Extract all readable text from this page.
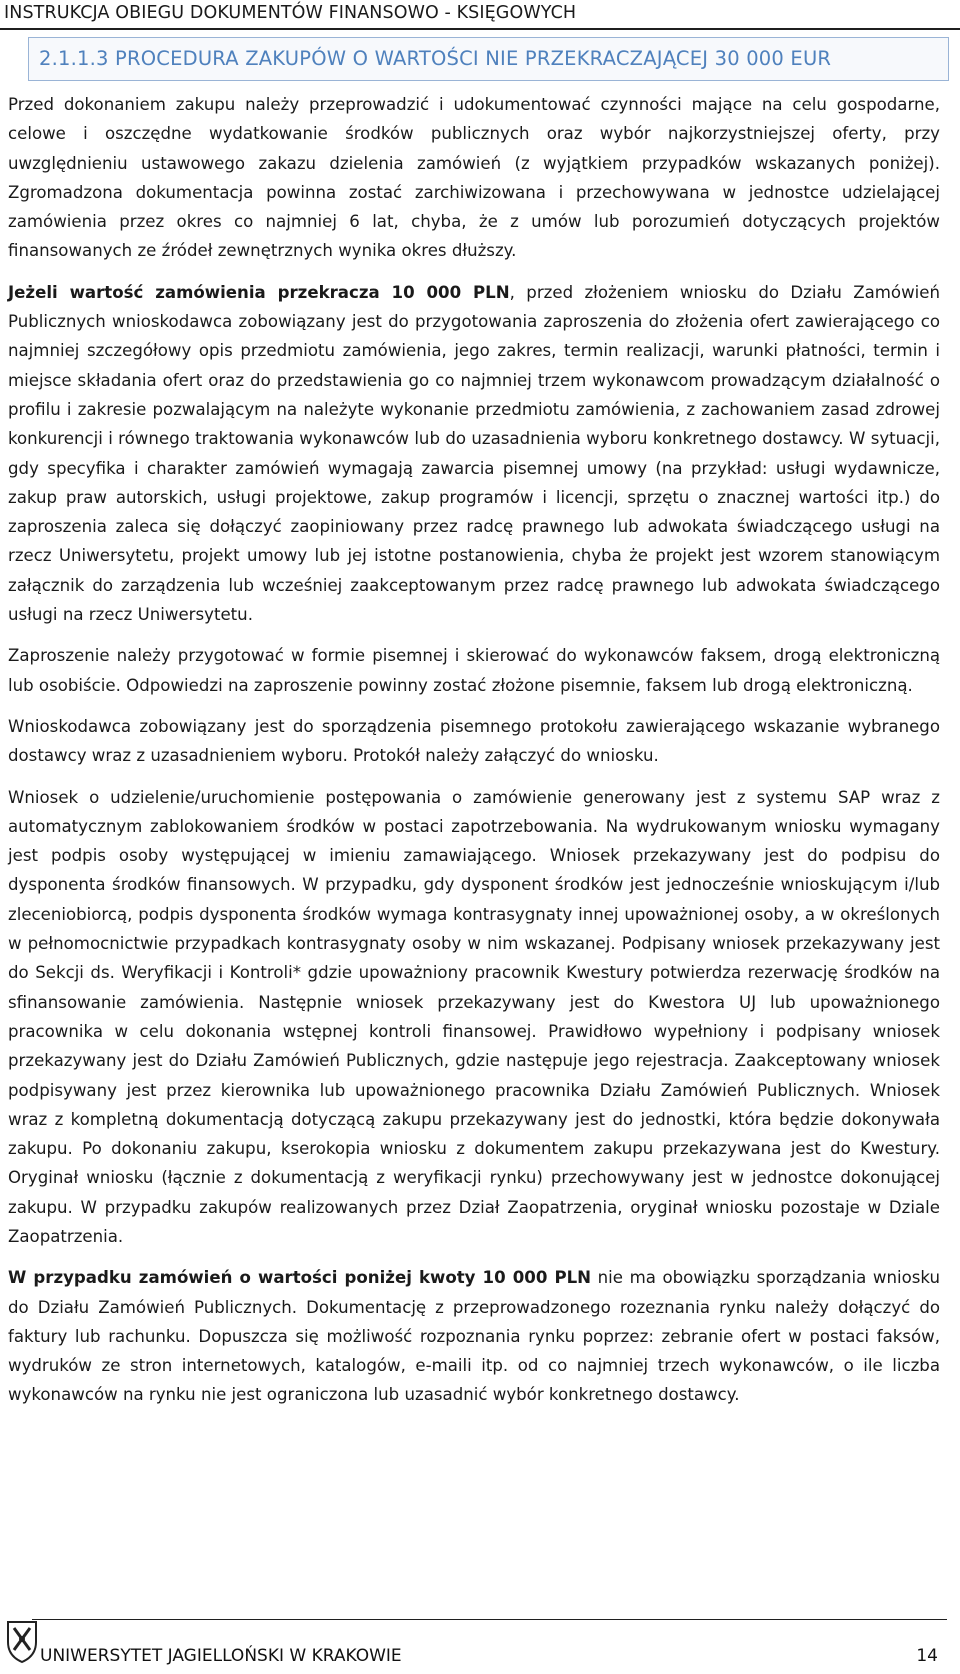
INSTRUKCJA OBIEGU DOKUMENTÓW FINANSOWO - KSIĘGOWYCH
2.1.1.3 PROCEDURA ZAKUPÓW O WARTOŚCI NIE PRZEKRACZAJĄCEJ 30 000 EUR

Przed dokonaniem zakupu należy przeprowadzić i udokumentować czynności mające na celu gospodarne, celowe i oszczędne wydatkowanie środków publicznych oraz wybór najkorzystniejszej oferty, przy uwzględnieniu ustawowego zakazu dzielenia zamówień (z wyjątkiem przypadków wskazanych poniżej). Zgromadzona dokumentacja powinna zostać zarchiwizowana i przechowywana w jednostce udzielającej zamówienia przez okres co najmniej 6 lat, chyba, że z umów lub porozumień dotyczących projektów finansowanych ze źródeł zewnętrznych wynika okres dłuższy.

Jeżeli wartość zamówienia przekracza 10 000 PLN, przed złożeniem wniosku do Działu Zamówień Publicznych wnioskodawca zobowiązany jest do przygotowania zaproszenia do złożenia ofert zawierającego co najmniej szczegółowy opis przedmiotu zamówienia, jego zakres, termin realizacji, warunki płatności, termin i miejsce składania ofert oraz do przedstawienia go co najmniej trzem wykonawcom prowadzącym działalność o profilu i zakresie pozwalającym na należyte wykonanie przedmiotu zamówienia, z zachowaniem zasad zdrowej konkurencji i równego traktowania wykonawców lub do uzasadnienia wyboru konkretnego dostawcy. W sytuacji, gdy specyfika i charakter zamówień wymagają zawarcia pisemnej umowy (na przykład: usługi wydawnicze, zakup praw autorskich, usługi projektowe, zakup programów i licencji, sprzętu o znacznej wartości itp.) do zaproszenia zaleca się dołączyć zaopiniowany przez radcę prawnego lub adwokata świadczącego usługi na rzecz Uniwersytetu, projekt umowy lub jej istotne postanowienia, chyba że projekt jest wzorem stanowiącym załącznik do zarządzenia lub wcześniej zaakceptowanym przez radcę prawnego lub adwokata świadczącego usługi na rzecz Uniwersytetu.

Zaproszenie należy przygotować w formie pisemnej i skierować do wykonawców faksem, drogą elektroniczną lub osobiście. Odpowiedzi na zaproszenie powinny zostać złożone pisemnie, faksem lub drogą elektroniczną.

Wnioskodawca zobowiązany jest do sporządzenia pisemnego protokołu zawierającego wskazanie wybranego dostawcy wraz z uzasadnieniem wyboru. Protokół należy załączyć do wniosku.

Wniosek o udzielenie/uruchomienie postępowania o zamówienie generowany jest z systemu SAP wraz z automatycznym zablokowaniem środków w postaci zapotrzebowania. Na wydrukowanym wniosku wymagany jest podpis osoby występującej w imieniu zamawiającego. Wniosek przekazywany jest do podpisu do dysponenta środków finansowych. W przypadku, gdy dysponent środków jest jednocześnie wnioskującym i/lub zleceniobiorcą, podpis dysponenta środków wymaga kontrasygnaty innej upoważnionej osoby, a w określonych w pełnomocnictwie przypadkach kontrasygnaty osoby w nim wskazanej. Podpisany wniosek przekazywany jest do Sekcji ds. Weryfikacji i Kontroli* gdzie upoważniony pracownik Kwestury potwierdza rezerwację środków na sfinansowanie zamówienia. Następnie wniosek przekazywany jest do Kwestora UJ lub upoważnionego pracownika w celu dokonania wstępnej kontroli finansowej. Prawidłowo wypełniony i podpisany wniosek przekazywany jest do Działu Zamówień Publicznych, gdzie następuje jego rejestracja. Zaakceptowany wniosek podpisywany jest przez kierownika lub upoważnionego pracownika Działu Zamówień Publicznych. Wniosek wraz z kompletną dokumentacją dotyczącą zakupu przekazywany jest do jednostki, która będzie dokonywała zakupu. Po dokonaniu zakupu, kserokopia wniosku z dokumentem zakupu przekazywana jest do Kwestury. Oryginał wniosku (łącznie z dokumentacją z weryfikacji rynku) przechowywany jest w jednostce dokonującej zakupu. W przypadku zakupów realizowanych przez Dział Zaopatrzenia, oryginał wniosku pozostaje w Dziale Zaopatrzenia.

W przypadku zamówień o wartości poniżej kwoty 10 000 PLN nie ma obowiązku sporządzania wniosku do Działu Zamówień Publicznych. Dokumentację z przeprowadzonego rozeznania rynku należy dołączyć do faktury lub rachunku. Dopuszcza się możliwość rozpoznania rynku poprzez: zebranie ofert w postaci faksów, wydruków ze stron internetowych, katalogów, e-maili itp. od co najmniej trzech wykonawców, o ile liczba wykonawców na rynku nie jest ograniczona lub uzasadnić wybór konkretnego dostawcy.

UNIWERSYTET JAGIELLOŃSKI W KRAKOWIE	14
